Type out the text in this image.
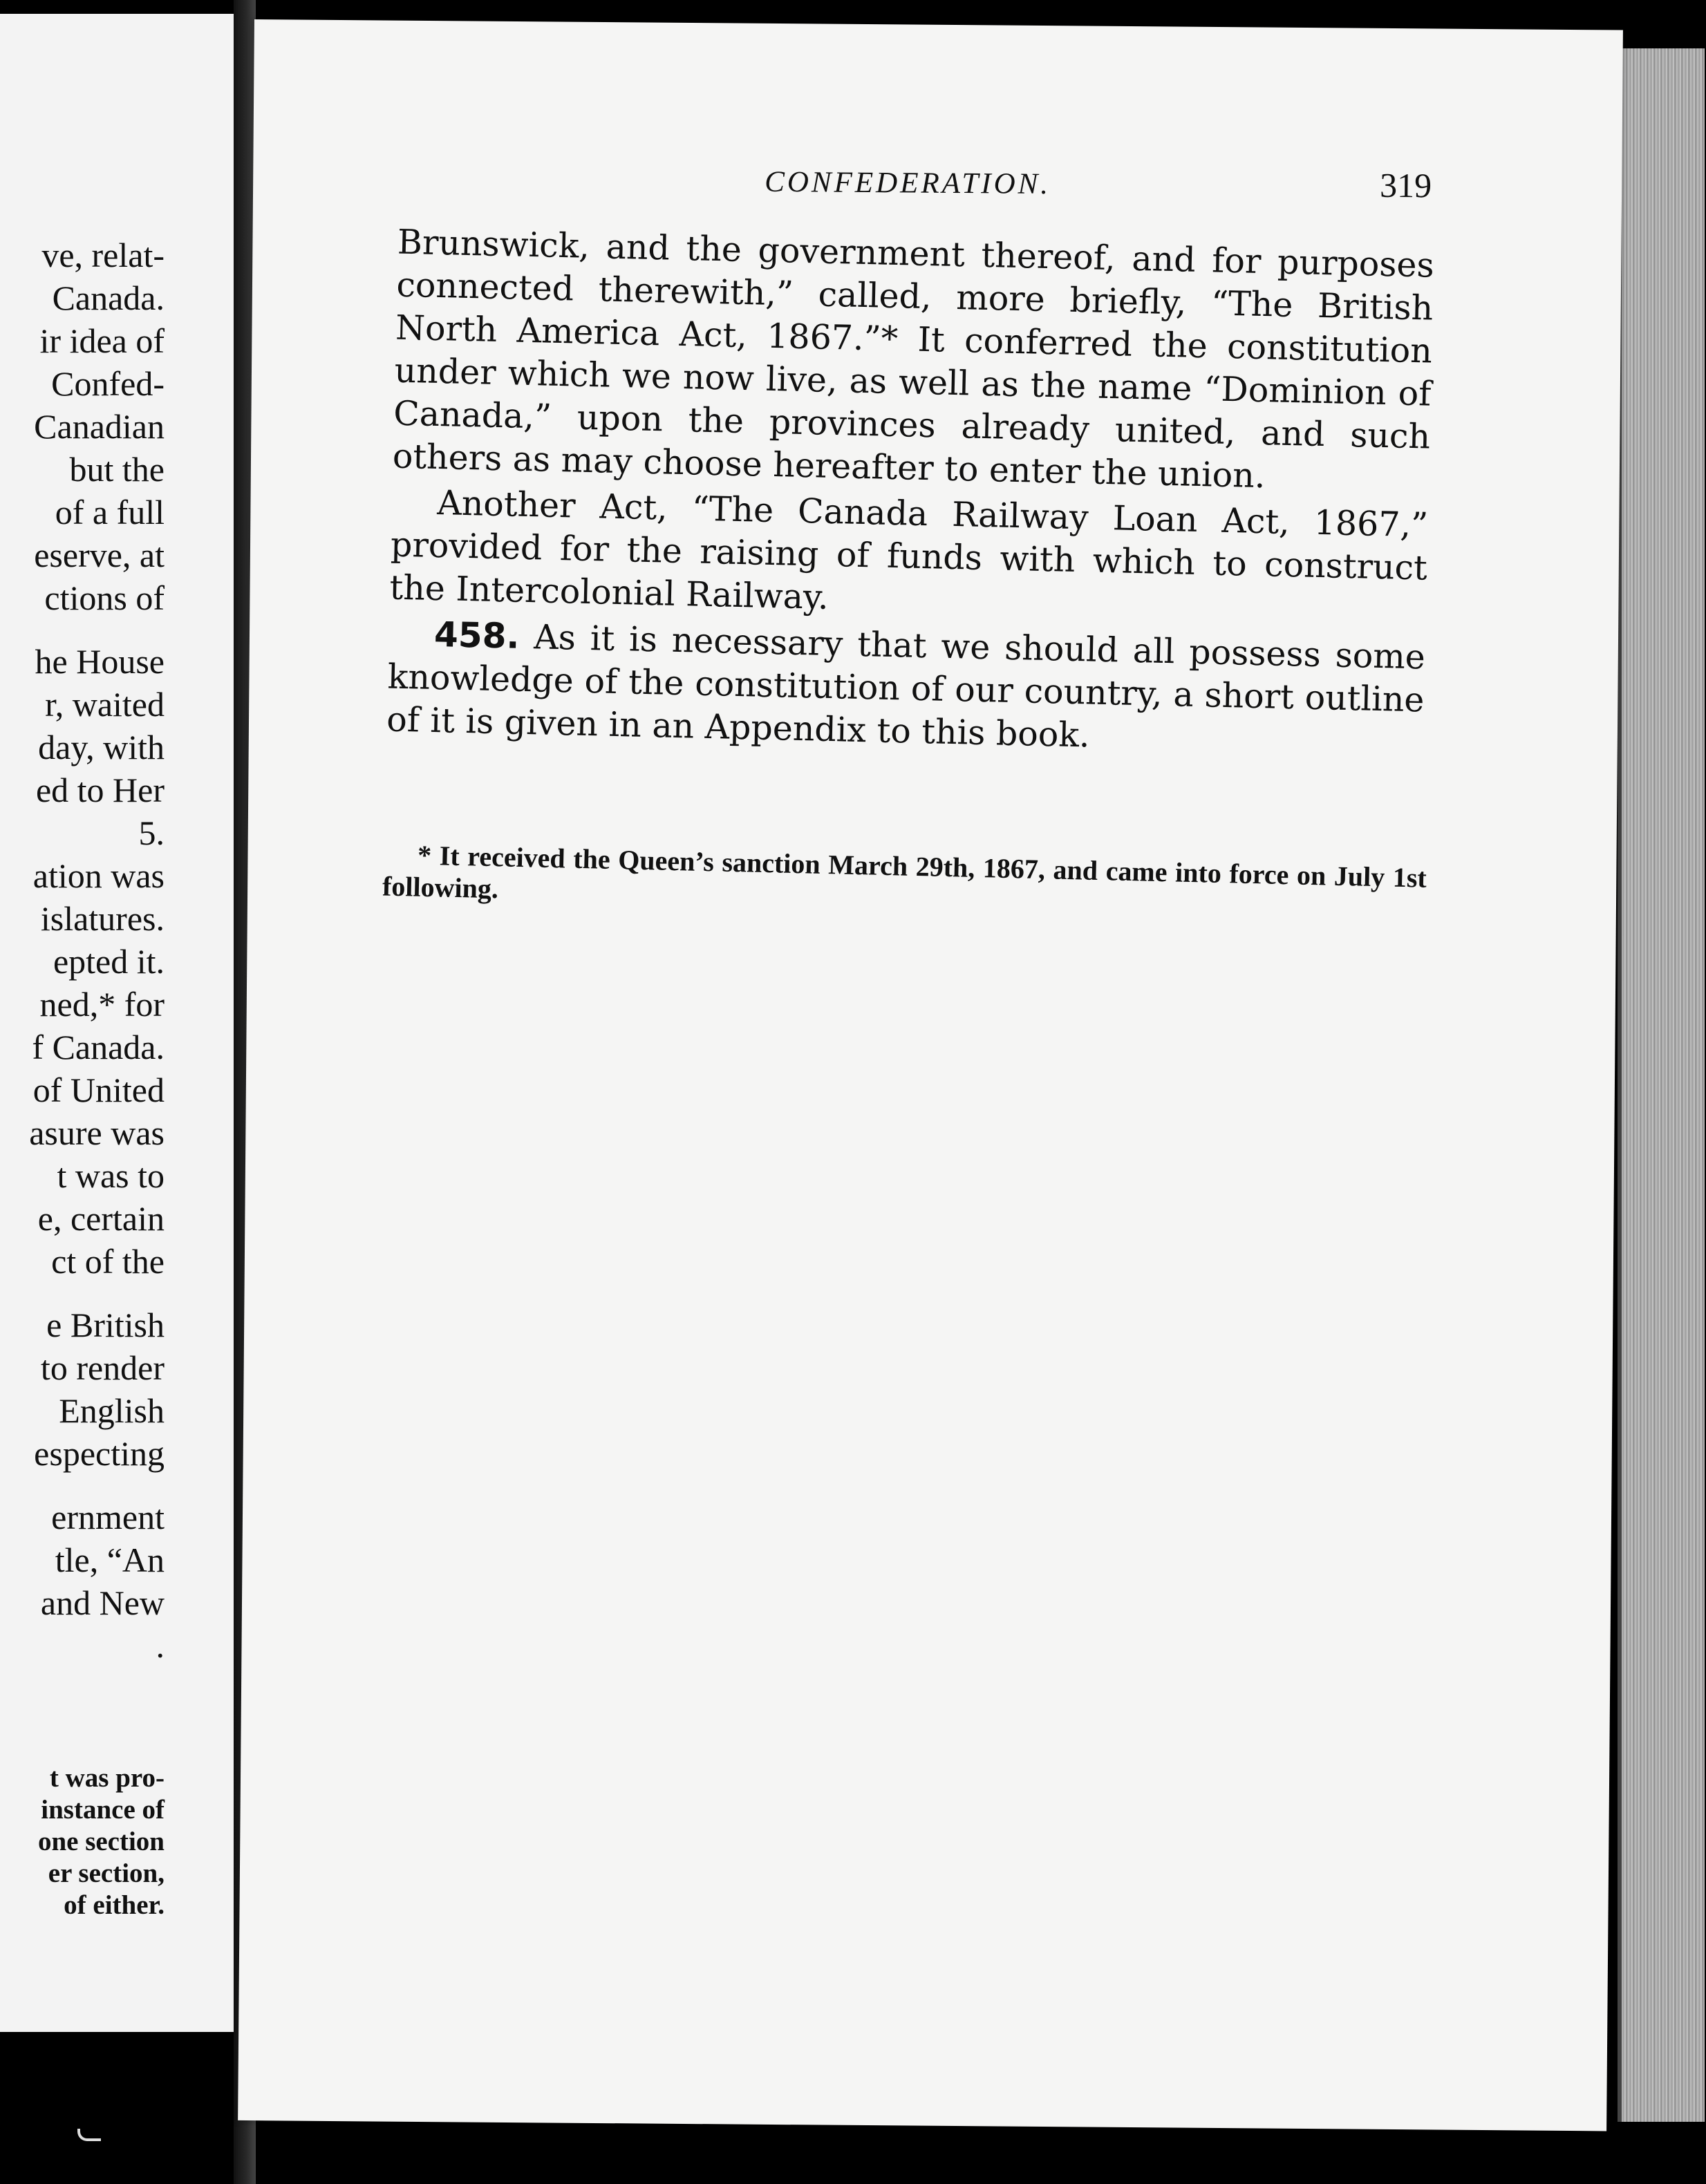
ve, relat-
Canada.
ir idea of
Confed-
Canadian
but the
of a full
eserve, at
ctions of
he House
r, waited
day, with
ed to Her
5.
ation was
islatures.
epted it.
ned,* for
f Canada.
of United
asure was
t was to
e, certain
ct of the
e British
to render
English
especting
ernment
tle, “An
and New
.
t was pro-
instance of
one section
er section,
of either.
CONFEDERATION.	319

Brunswick, and the government thereof, and for purposes connected therewith,” called, more briefly, “The British North America Act, 1867.”* It conferred the constitution under which we now live, as well as the name “Dominion of Canada,” upon the provinces already united, and such others as may choose hereafter to enter the union.

Another Act, “The Canada Railway Loan Act, 1867,” provided for the raising of funds with which to construct the Intercolonial Railway.

458. As it is necessary that we should all possess some knowledge of the constitution of our country, a short outline of it is given in an Appendix to this book.

* It received the Queen’s sanction March 29th, 1867, and came into force on July 1st following.
